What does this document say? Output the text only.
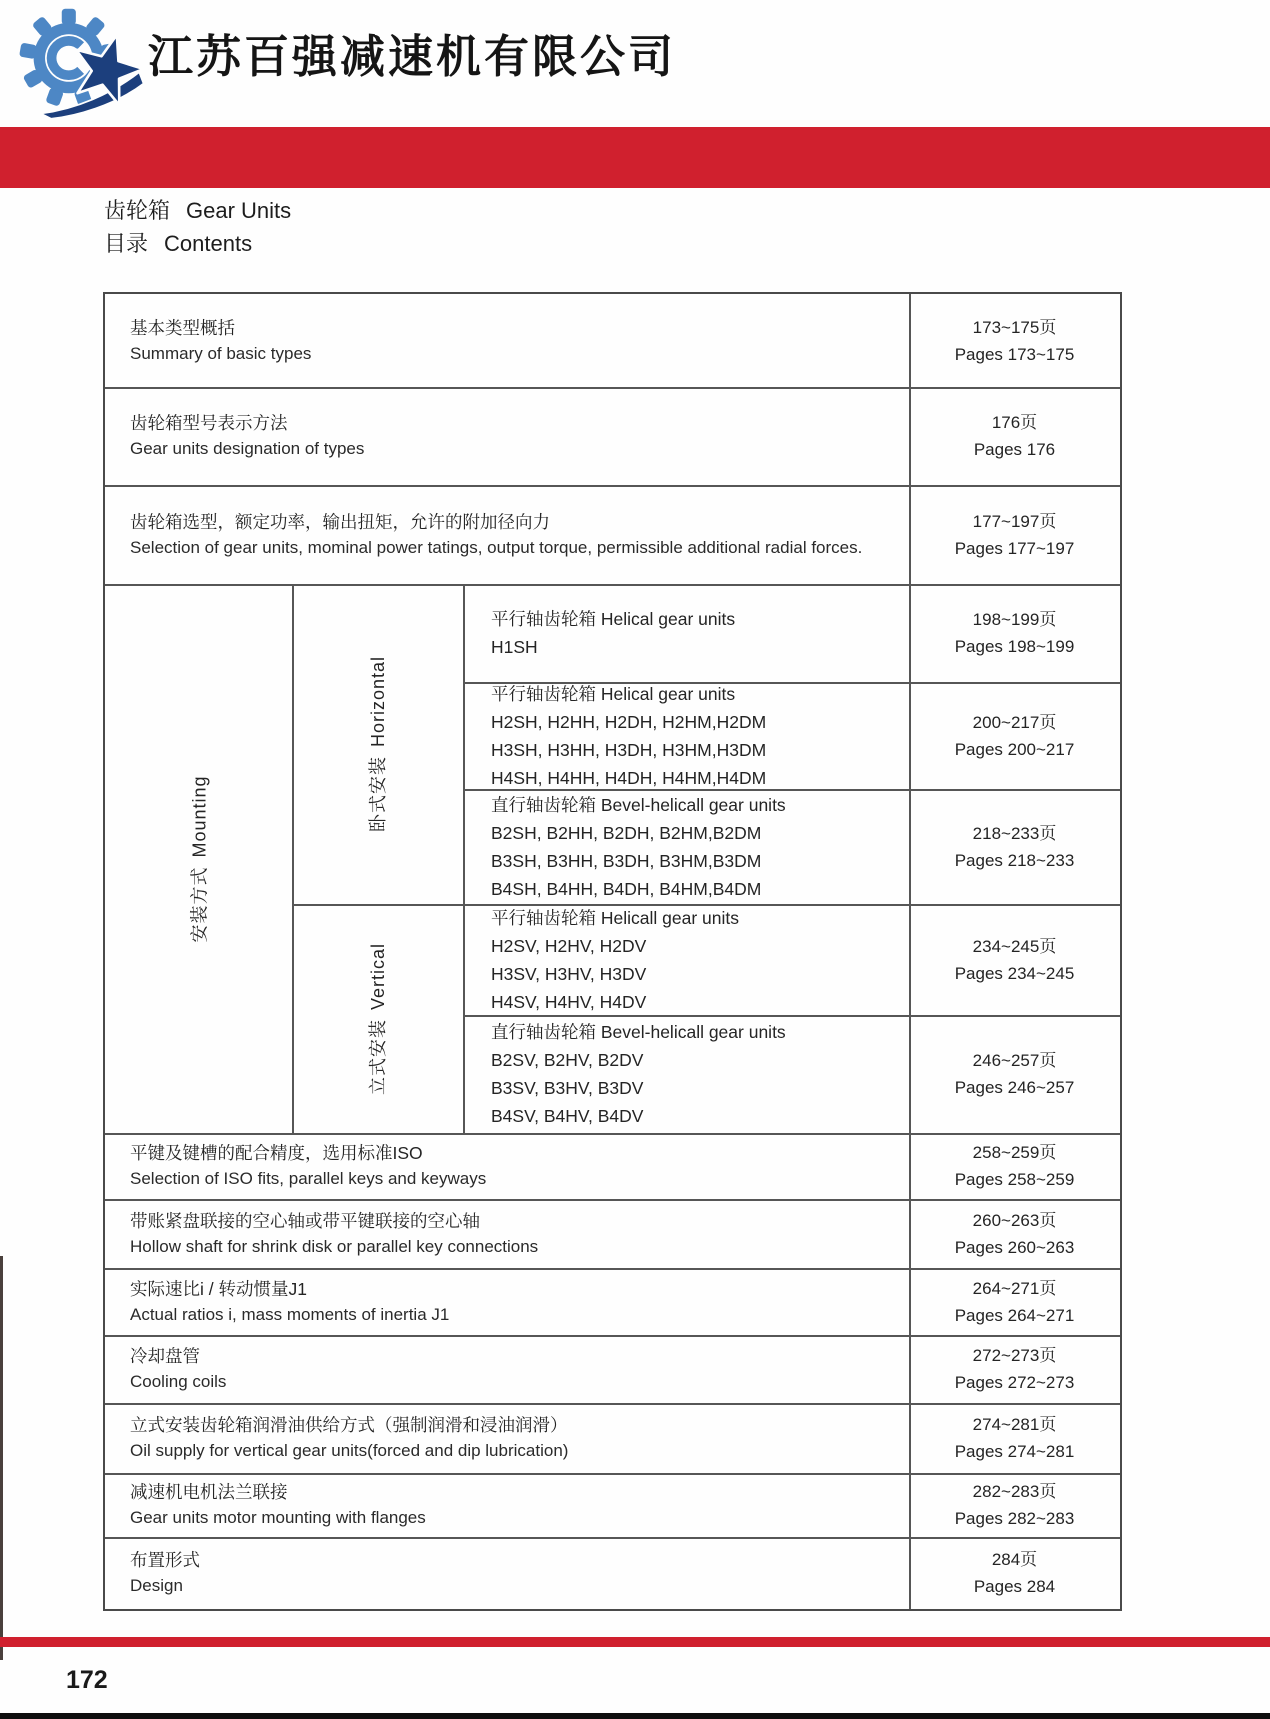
江苏百强减速机有限公司
齿轮箱 Gear Units
目录 Contents
基本类型概括
Summary of basic types
173~175页
Pages 173~175
齿轮箱型号表示方法
Gear units designation of types
176页
Pages 176
齿轮箱选型，额定功率，输出扭矩，允许的附加径向力
Selection of gear units, mominal power tatings, output torque, permissible additional radial forces.
177~197页
Pages 177~197
安装方式Mounting	卧式安装Horizontal
立式安装Vertical
平行轴齿轮箱 Helical gear units
H1SH
198~199页
Pages 198~199
平行轴齿轮箱 Helical gear units
H2SH, H2HH, H2DH, H2HM,H2DM
H3SH, H3HH, H3DH, H3HM,H3DM
H4SH, H4HH, H4DH, H4HM,H4DM
200~217页
Pages 200~217
直行轴齿轮箱 Bevel-helicall gear units
B2SH, B2HH, B2DH, B2HM,B2DM
B3SH, B3HH, B3DH, B3HM,B3DM
B4SH, B4HH, B4DH, B4HM,B4DM
218~233页
Pages 218~233
平行轴齿轮箱 Helicall gear units
H2SV, H2HV, H2DV
H3SV, H3HV, H3DV
H4SV, H4HV, H4DV
234~245页
Pages 234~245
直行轴齿轮箱 Bevel-helicall gear units
B2SV, B2HV, B2DV
B3SV, B3HV, B3DV
B4SV, B4HV, B4DV
246~257页
Pages 246~257
平键及键槽的配合精度，选用标准ISO
Selection of ISO fits, parallel keys and keyways
258~259页
Pages 258~259
带账紧盘联接的空心轴或带平键联接的空心轴
Hollow shaft for shrink disk or parallel key connections
260~263页
Pages 260~263
实际速比i / 转动惯量J1
Actual ratios i, mass moments of inertia J1
264~271页
Pages 264~271
冷却盘管
Cooling coils
272~273页
Pages 272~273
立式安装齿轮箱润滑油供给方式（强制润滑和浸油润滑）
Oil supply for vertical gear units(forced and dip lubrication)
274~281页
Pages 274~281
减速机电机法兰联接
Gear units motor mounting with flanges
282~283页
Pages 282~283
布置形式
Design
284页
Pages 284
172
